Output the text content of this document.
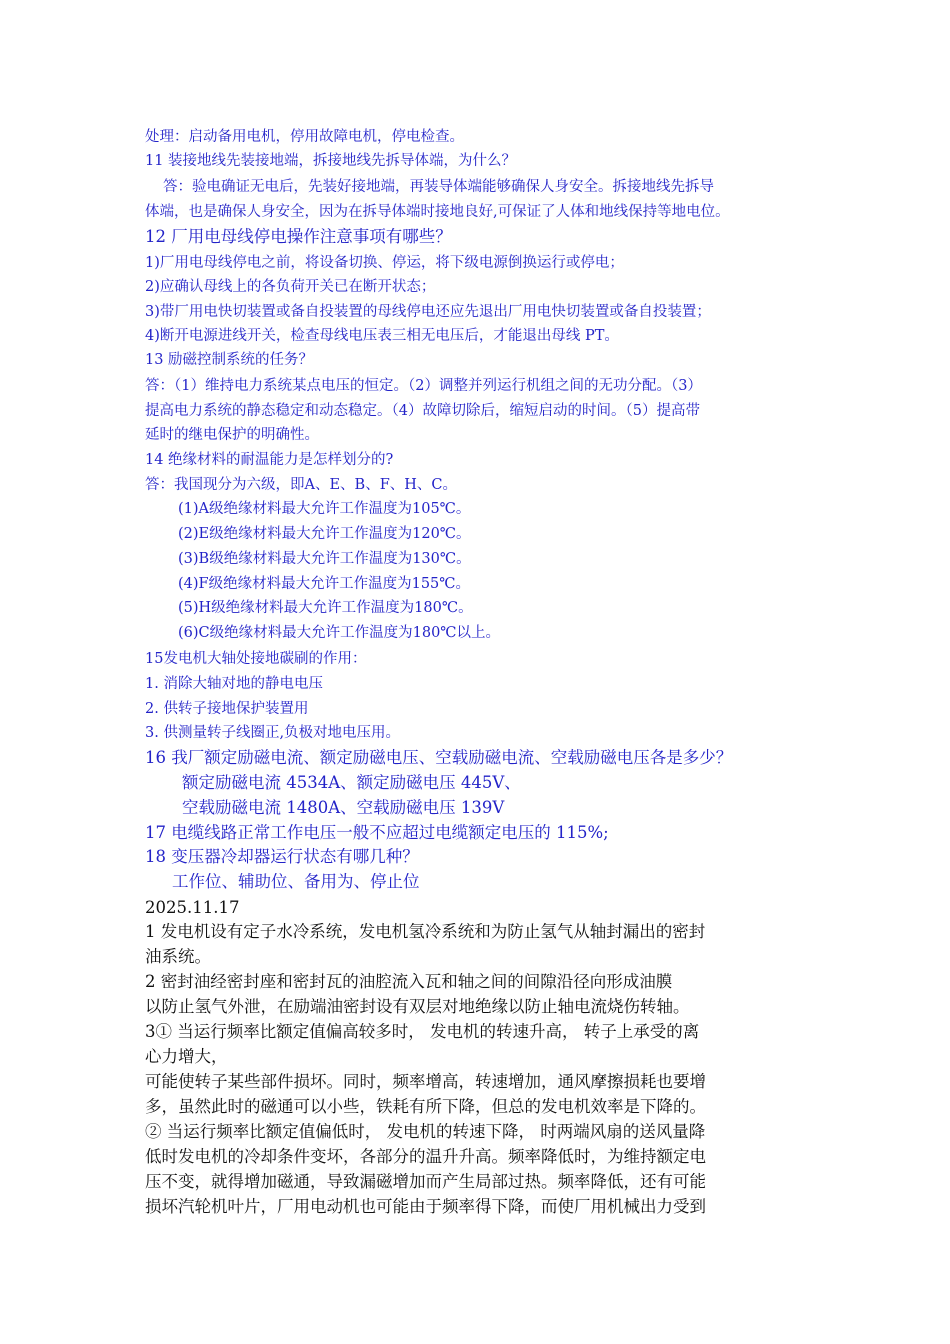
处理：启动备用电机，停用故障电机，停电检查。
11 装接地线先装接地端，拆接地线先拆导体端，为什么？
答：验电确证无电后，先装好接地端，再装导体端能够确保人身安全。拆接地线先拆导
体端，也是确保人身安全，因为在拆导体端时接地良好,可保证了人体和地线保持等地电位。
12 厂用电母线停电操作注意事项有哪些？
1)厂用电母线停电之前，将设备切换、停运，将下级电源倒换运行或停电；
2)应确认母线上的各负荷开关已在断开状态；
3)带厂用电快切装置或备自投装置的母线停电还应先退出厂用电快切装置或备自投装置；
4)断开电源进线开关，检查母线电压表三相无电压后，才能退出母线 PT。
13 励磁控制系统的任务？
答：（1）维持电力系统某点电压的恒定。（2）调整并列运行机组之间的无功分配。（3）
提高电力系统的静态稳定和动态稳定。（4）故障切除后，缩短启动的时间。（5）提高带
延时的继电保护的明确性。
14 绝缘材料的耐温能力是怎样划分的?
答：我国现分为六级，即A、E、B、F、H、C。
(1)A级绝缘材料最大允许工作温度为105℃。
(2)E级绝缘材料最大允许工作温度为120℃。
(3)B级绝缘材料最大允许工作温度为130℃。
(4)F级绝缘材料最大允许工作温度为155℃。
(5)H级绝缘材料最大允许工作温度为180℃。
(6)C级绝缘材料最大允许工作温度为180℃以上。
15发电机大轴处接地碳刷的作用：
1. 消除大轴对地的静电电压
2. 供转子接地保护装置用
3. 供测量转子线圈正,负极对地电压用。
16 我厂额定励磁电流、额定励磁电压、空载励磁电流、空载励磁电压各是多少？
额定励磁电流 4534A、额定励磁电压 445V、
空载励磁电流 1480A、空载励磁电压 139V
17 电缆线路正常工作电压一般不应超过电缆额定电压的 115%;
18 变压器冷却器运行状态有哪几种？
工作位、辅助位、备用为、停止位
2025.11.17
1 发电机设有定子水冷系统，发电机氢冷系统和为防止氢气从轴封漏出的密封
油系统。
2 密封油经密封座和密封瓦的油腔流入瓦和轴之间的间隙沿径向形成油膜
以防止氢气外泄，在励端油密封设有双层对地绝缘以防止轴电流烧伤转轴。
3① 当运行频率比额定值偏高较多时， 发电机的转速升高， 转子上承受的离
心力增大，
可能使转子某些部件损坏。同时，频率增高，转速增加，通风摩擦损耗也要增
多，虽然此时的磁通可以小些，铁耗有所下降，但总的发电机效率是下降的。
② 当运行频率比额定值偏低时， 发电机的转速下降， 时两端风扇的送风量降
低时发电机的冷却条件变坏，各部分的温升升高。频率降低时，为维持额定电
压不变，就得增加磁通，导致漏磁增加而产生局部过热。频率降低，还有可能
损坏汽轮机叶片，厂用电动机也可能由于频率得下降，而使厂用机械出力受到
